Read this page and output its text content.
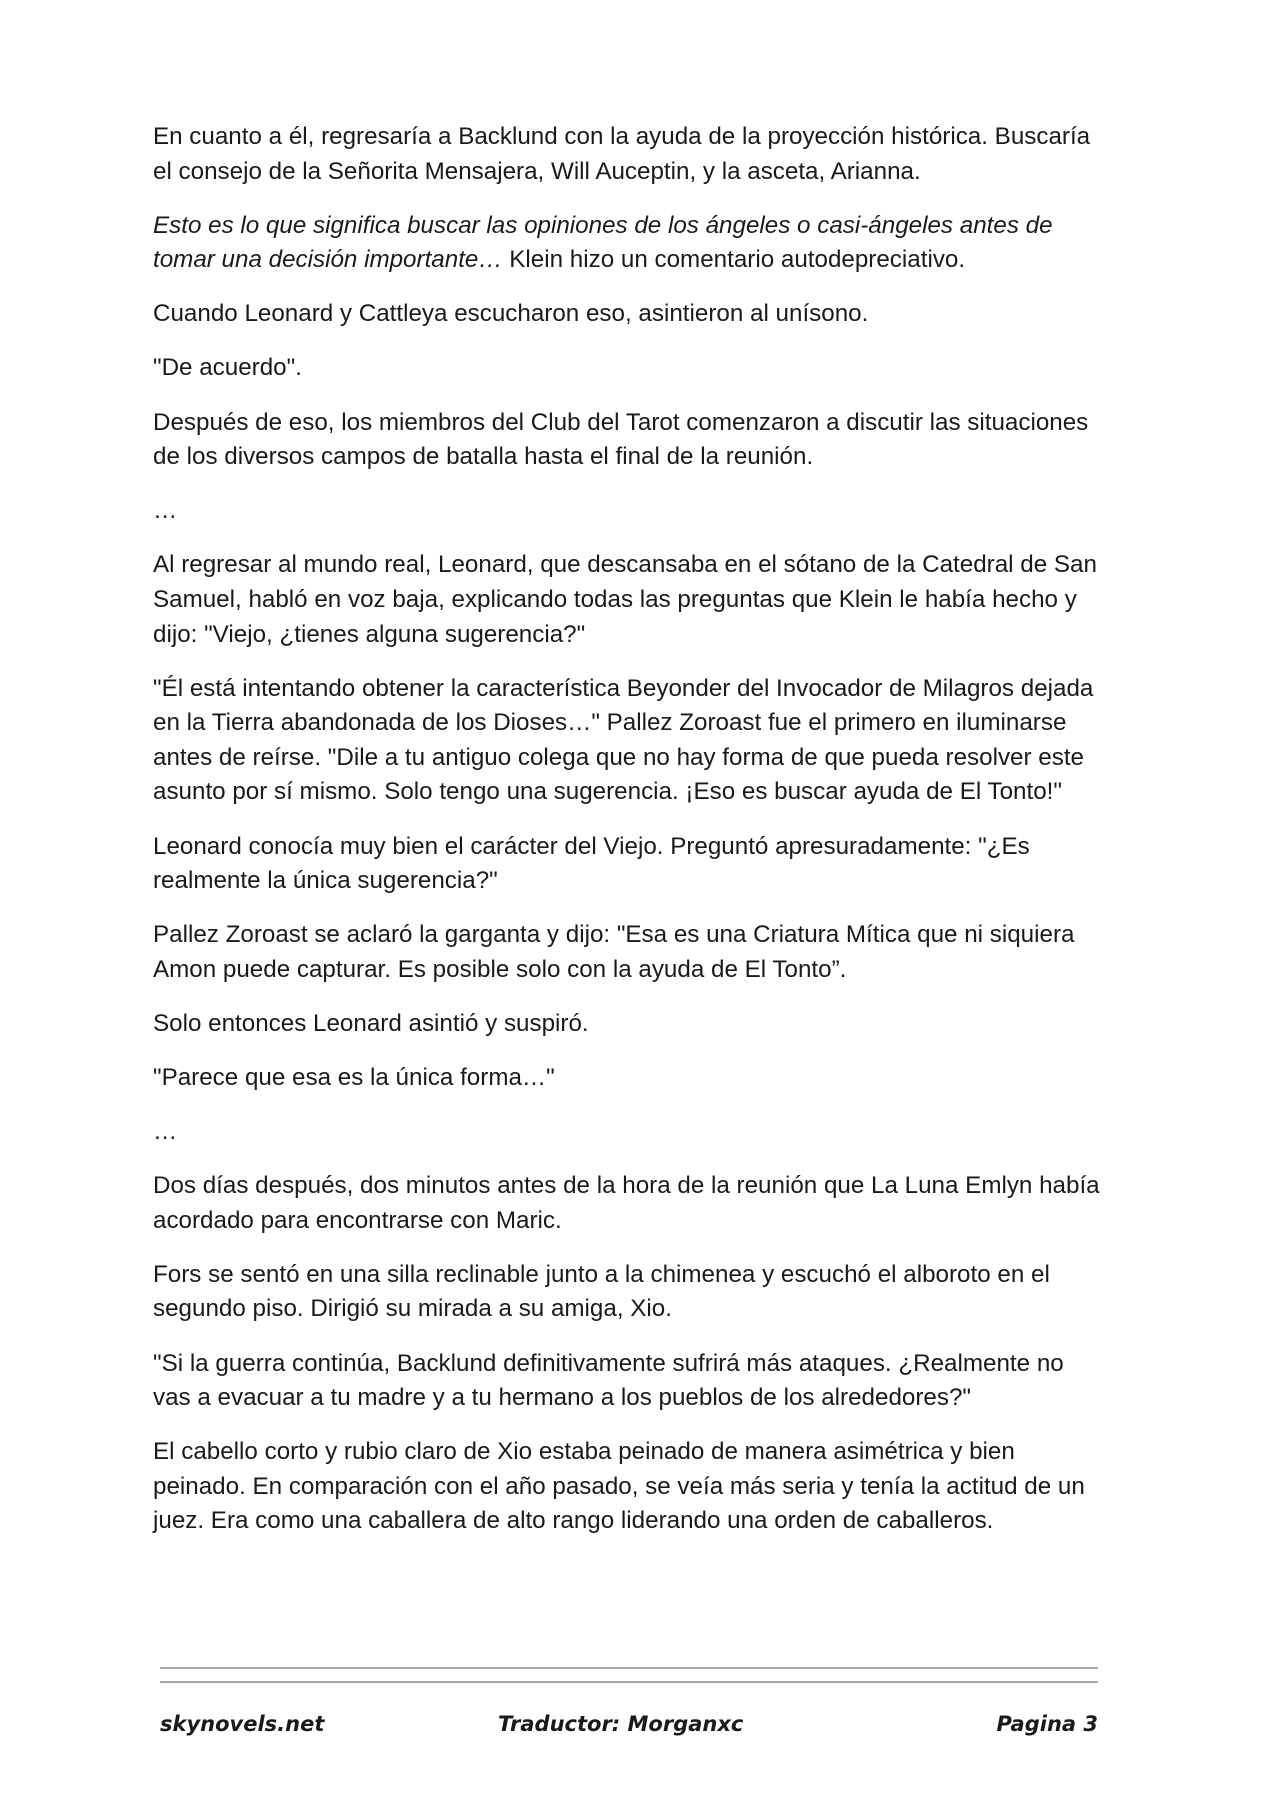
En cuanto a él, regresaría a Backlund con la ayuda de la proyección histórica. Buscaría el consejo de la Señorita Mensajera, Will Auceptin, y la asceta, Arianna.

Esto es lo que significa buscar las opiniones de los ángeles o casi-ángeles antes de tomar una decisión importante… Klein hizo un comentario autodepreciativo.

Cuando Leonard y Cattleya escucharon eso, asintieron al unísono.

"De acuerdo".

Después de eso, los miembros del Club del Tarot comenzaron a discutir las situaciones de los diversos campos de batalla hasta el final de la reunión.

…

Al regresar al mundo real, Leonard, que descansaba en el sótano de la Catedral de San Samuel, habló en voz baja, explicando todas las preguntas que Klein le había hecho y dijo: "Viejo, ¿tienes alguna sugerencia?"

"Él está intentando obtener la característica Beyonder del Invocador de Milagros dejada en la Tierra abandonada de los Dioses…" Pallez Zoroast fue el primero en iluminarse antes de reírse. "Dile a tu antiguo colega que no hay forma de que pueda resolver este asunto por sí mismo. Solo tengo una sugerencia. ¡Eso es buscar ayuda de El Tonto!"

Leonard conocía muy bien el carácter del Viejo. Preguntó apresuradamente: "¿Es realmente la única sugerencia?"

Pallez Zoroast se aclaró la garganta y dijo: "Esa es una Criatura Mítica que ni siquiera Amon puede capturar. Es posible solo con la ayuda de El Tonto”.

Solo entonces Leonard asintió y suspiró.

"Parece que esa es la única forma…"

…

Dos días después, dos minutos antes de la hora de la reunión que La Luna Emlyn había acordado para encontrarse con Maric.

Fors se sentó en una silla reclinable junto a la chimenea y escuchó el alboroto en el segundo piso. Dirigió su mirada a su amiga, Xio.

"Si la guerra continúa, Backlund definitivamente sufrirá más ataques. ¿Realmente no vas a evacuar a tu madre y a tu hermano a los pueblos de los alrededores?"

El cabello corto y rubio claro de Xio estaba peinado de manera asimétrica y bien peinado. En comparación con el año pasado, se veía más seria y tenía la actitud de un juez. Era como una caballera de alto rango liderando una orden de caballeros.

skynovels.net	Traductor: Morganxc	Pagina 3
